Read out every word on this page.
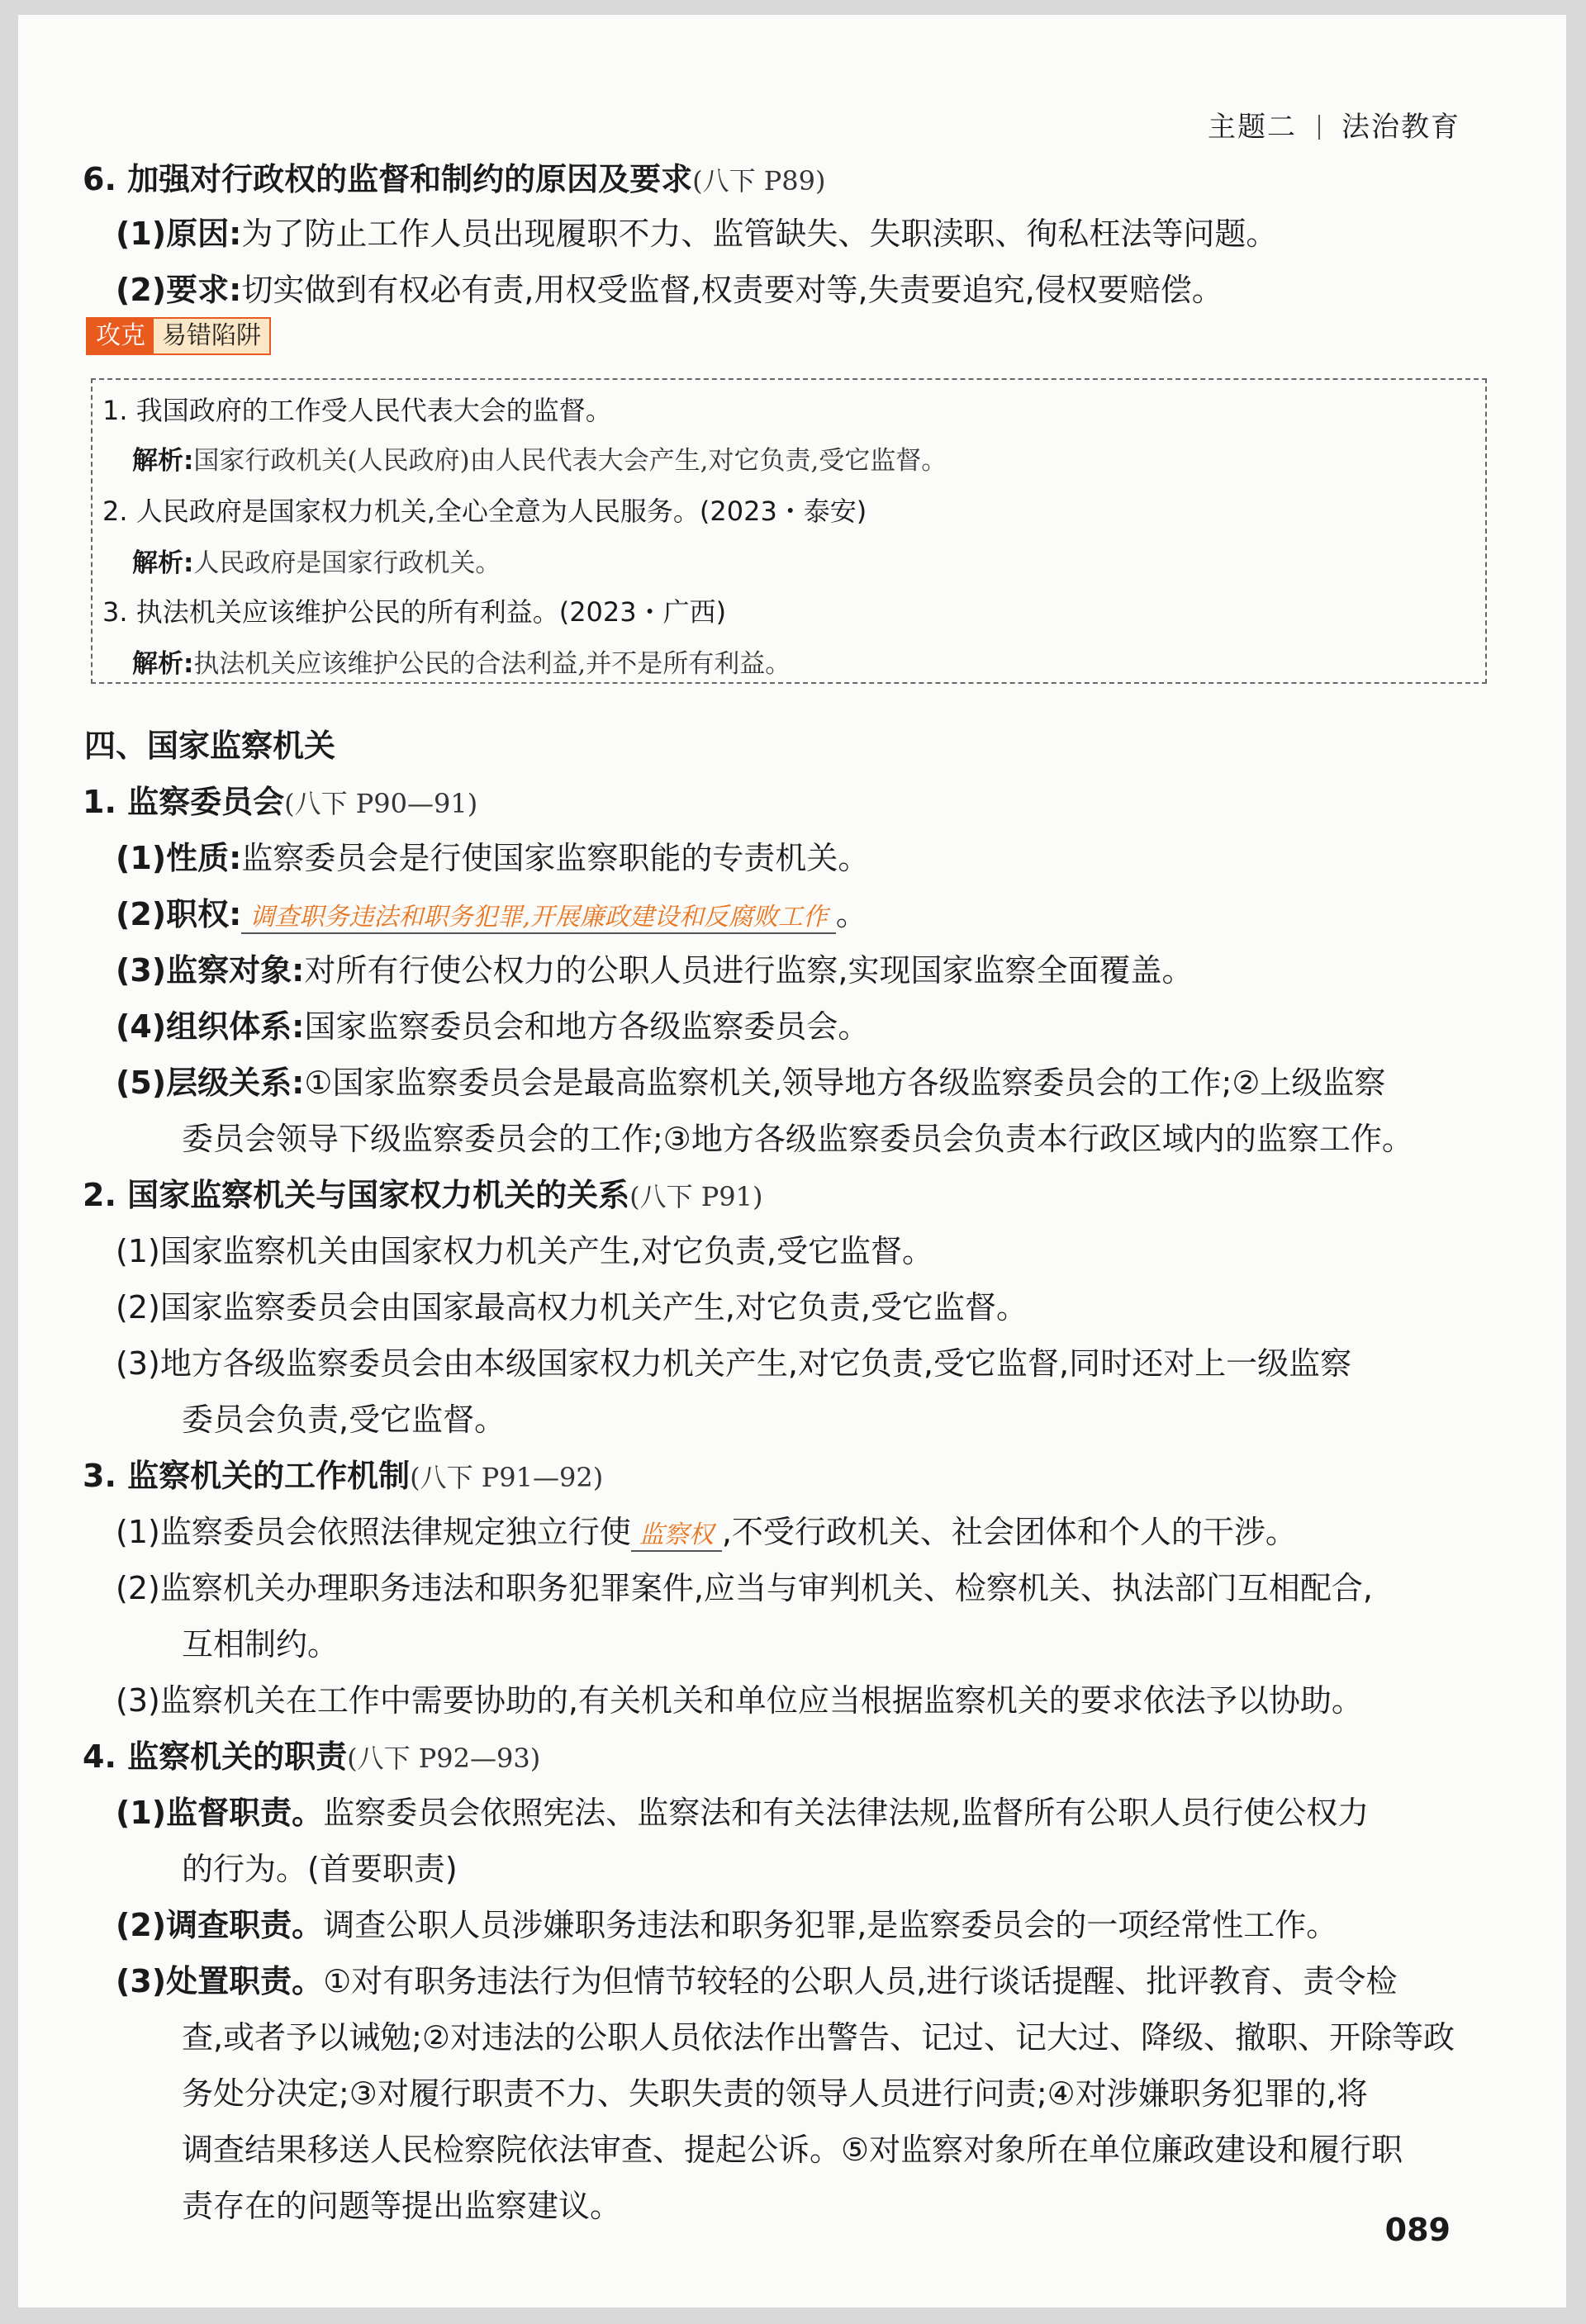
主题二 法治教育
6. 加强对行政权的监督和制约的原因及要求(八下 P89)
(1)原因:为了防止工作人员出现履职不力、监管缺失、失职渎职、徇私枉法等问题。
(2)要求:切实做到有权必有责,用权受监督,权责要对等,失责要追究,侵权要赔偿。
攻克 易错陷阱
1. 我国政府的工作受人民代表大会的监督。
解析:国家行政机关(人民政府)由人民代表大会产生,对它负责,受它监督。
2. 人民政府是国家权力机关,全心全意为人民服务。(2023・泰安)
解析:人民政府是国家行政机关。
3. 执法机关应该维护公民的所有利益。(2023・广西)
解析:执法机关应该维护公民的合法利益,并不是所有利益。
四、国家监察机关
1. 监察委员会(八下 P90—91)
(1)性质:监察委员会是行使国家监察职能的专责机关。
(2)职权: 调查职务违法和职务犯罪,开展廉政建设和反腐败工作 。
(3)监察对象:对所有行使公权力的公职人员进行监察,实现国家监察全面覆盖。
(4)组织体系:国家监察委员会和地方各级监察委员会。
(5)层级关系:①国家监察委员会是最高监察机关,领导地方各级监察委员会的工作;②上级监察
委员会领导下级监察委员会的工作;③地方各级监察委员会负责本行政区域内的监察工作。
2. 国家监察机关与国家权力机关的关系(八下 P91)
(1)国家监察机关由国家权力机关产生,对它负责,受它监督。
(2)国家监察委员会由国家最高权力机关产生,对它负责,受它监督。
(3)地方各级监察委员会由本级国家权力机关产生,对它负责,受它监督,同时还对上一级监察
委员会负责,受它监督。
3. 监察机关的工作机制(八下 P91—92)
(1)监察委员会依照法律规定独立行使 监察权 ,不受行政机关、社会团体和个人的干涉。
(2)监察机关办理职务违法和职务犯罪案件,应当与审判机关、检察机关、执法部门互相配合,
互相制约。
(3)监察机关在工作中需要协助的,有关机关和单位应当根据监察机关的要求依法予以协助。
4. 监察机关的职责(八下 P92—93)
(1)监督职责。监察委员会依照宪法、监察法和有关法律法规,监督所有公职人员行使公权力
的行为。(首要职责)
(2)调查职责。调查公职人员涉嫌职务违法和职务犯罪,是监察委员会的一项经常性工作。
(3)处置职责。①对有职务违法行为但情节较轻的公职人员,进行谈话提醒、批评教育、责令检
查,或者予以诫勉;②对违法的公职人员依法作出警告、记过、记大过、降级、撤职、开除等政
务处分决定;③对履行职责不力、失职失责的领导人员进行问责;④对涉嫌职务犯罪的,将
调查结果移送人民检察院依法审查、提起公诉。⑤对监察对象所在单位廉政建设和履行职
责存在的问题等提出监察建议。
089
